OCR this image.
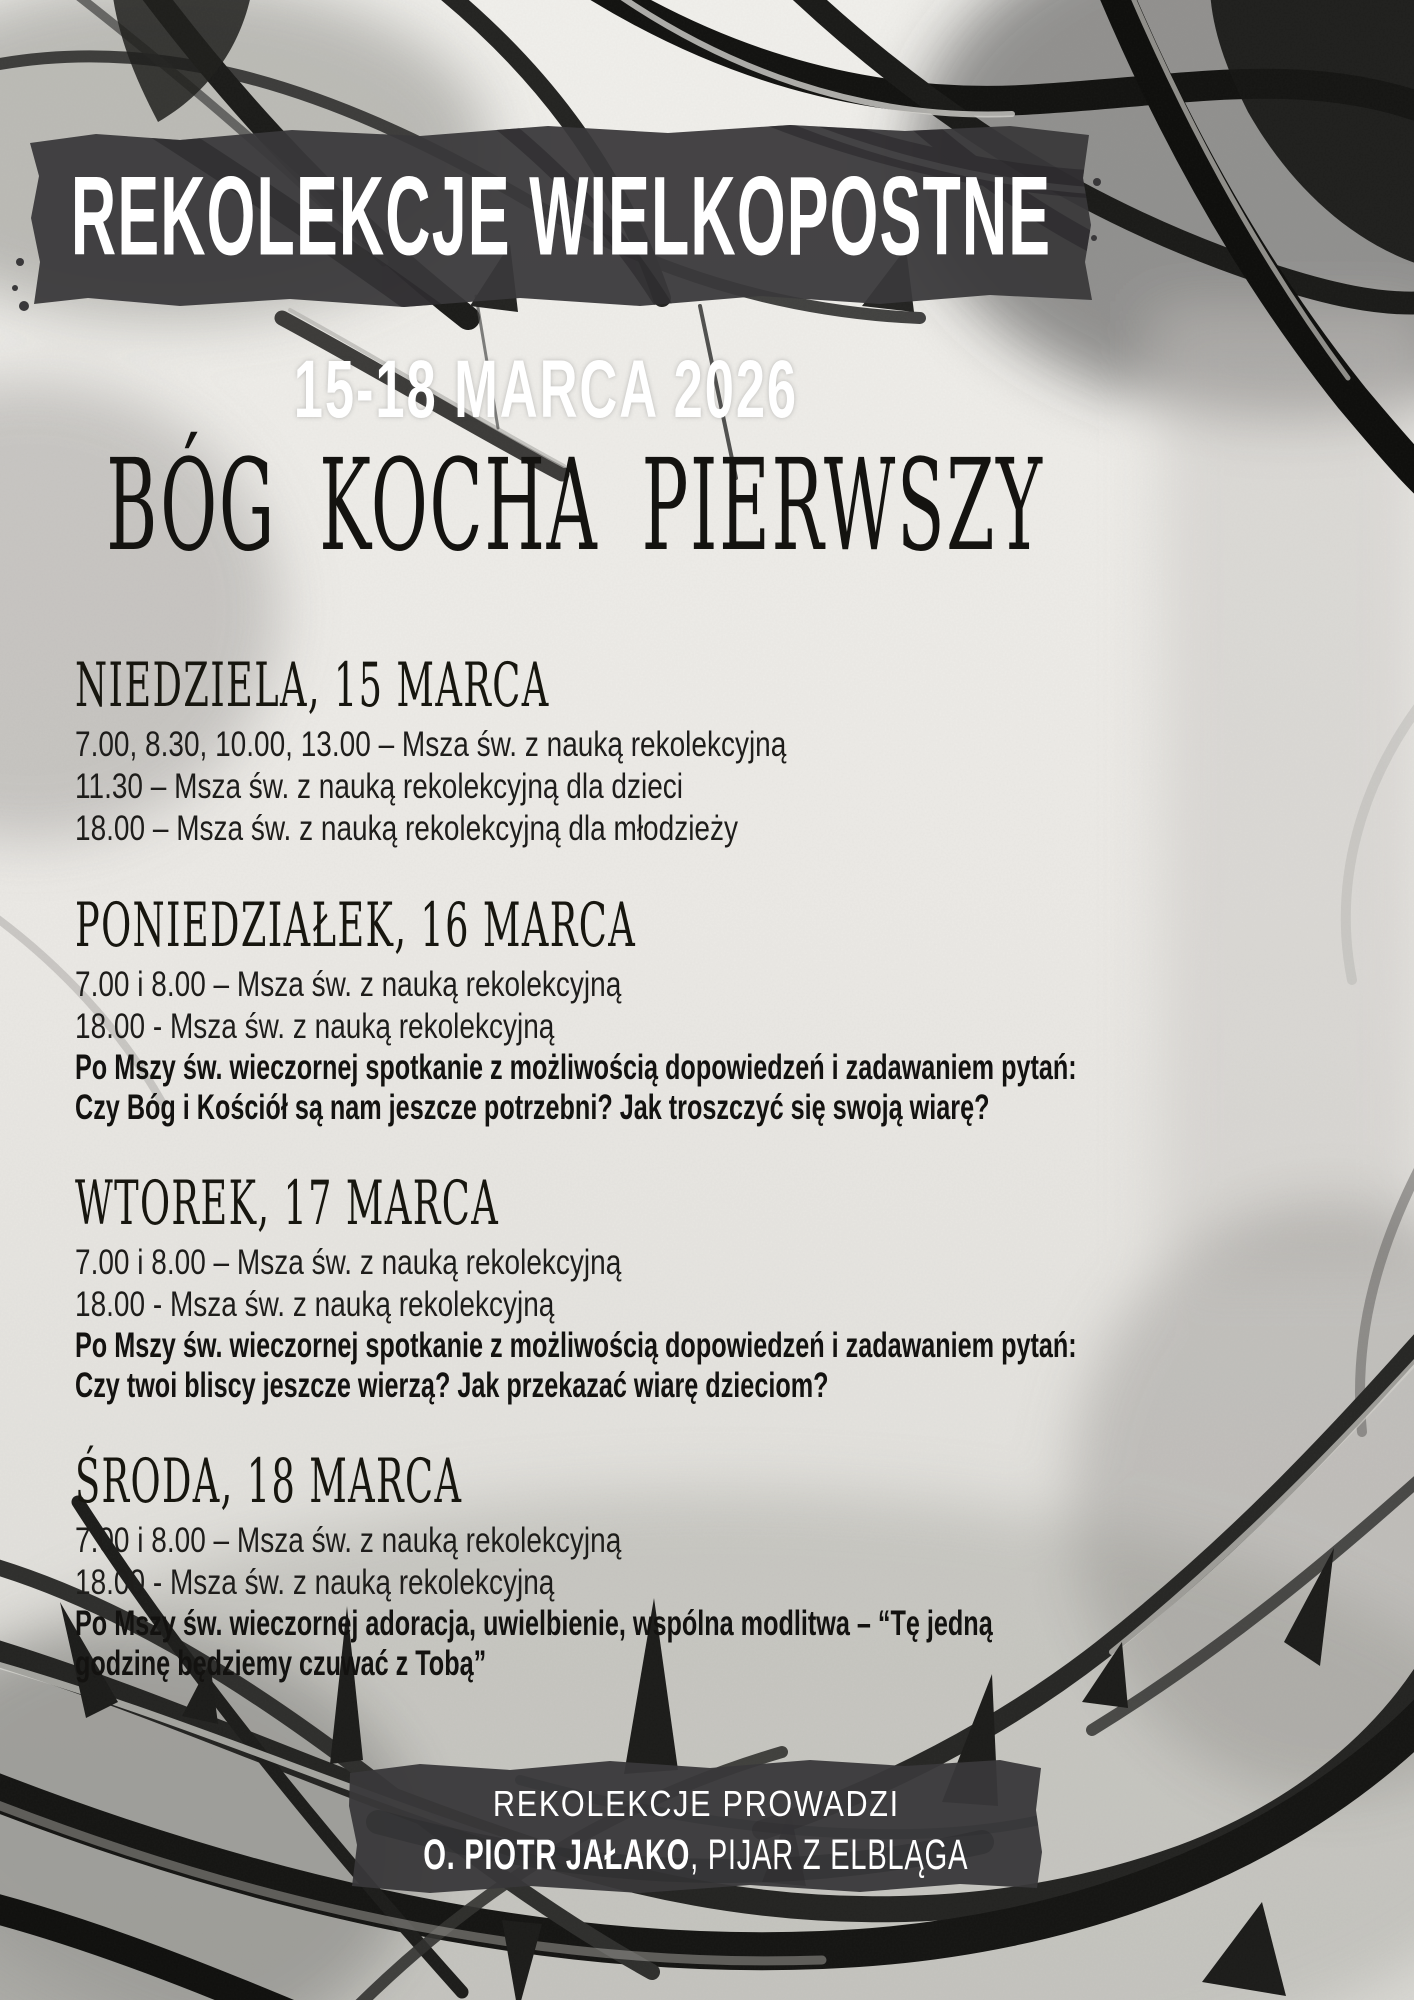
REKOLEKCJE WIELKOPOSTNE
15-18 MARCA 2026
BÓG KOCHA PIERWSZY
NIEDZIELA, 15 MARCA
7.00, 8.30, 10.00, 13.00 – Msza św. z nauką rekolekcyjną
11.30 – Msza św. z nauką rekolekcyjną dla dzieci
18.00 – Msza św. z nauką rekolekcyjną dla młodzieży
PONIEDZIAŁEK, 16 MARCA
7.00 i 8.00 – Msza św. z nauką rekolekcyjną
18.00 - Msza św. z nauką rekolekcyjną
Po Mszy św. wieczornej spotkanie z możliwością dopowiedzeń i zadawaniem pytań:
Czy Bóg i Kościół są nam jeszcze potrzebni? Jak troszczyć się swoją wiarę?
WTOREK, 17 MARCA
7.00 i 8.00 – Msza św. z nauką rekolekcyjną
18.00 - Msza św. z nauką rekolekcyjną
Po Mszy św. wieczornej spotkanie z możliwością dopowiedzeń i zadawaniem pytań:
Czy twoi bliscy jeszcze wierzą? Jak przekazać wiarę dzieciom?
ŚRODA, 18 MARCA
7.00 i 8.00 – Msza św. z nauką rekolekcyjną
18.00 - Msza św. z nauką rekolekcyjną
Po Mszy św. wieczornej adoracja, uwielbienie, wspólna modlitwa – “Tę jedną
godzinę będziemy czuwać z Tobą”
REKOLEKCJE PROWADZI
O. PIOTR JAŁAKO, PIJAR Z ELBLĄGA
